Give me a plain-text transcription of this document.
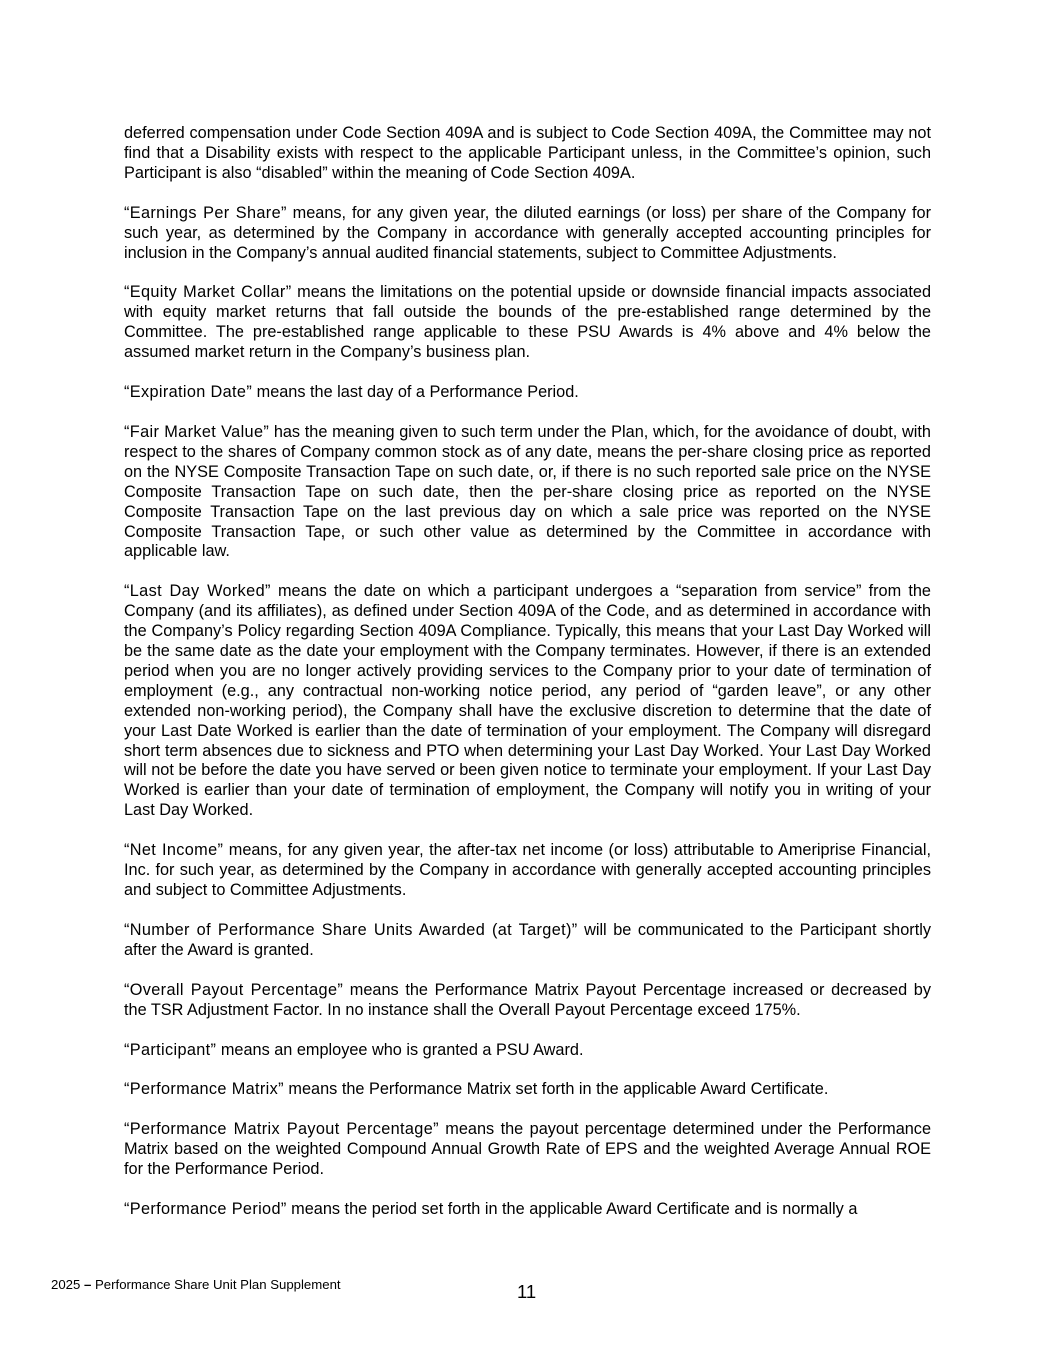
deferred compensation under Code Section 409A and is subject to Code Section 409A, the Committee may not find that a Disability exists with respect to the applicable Participant unless, in the Committee’s opinion, such Participant is also “disabled” within the meaning of Code Section 409A.

“Earnings Per Share” means, for any given year, the diluted earnings (or loss) per share of the Company for such year, as determined by the Company in accordance with generally accepted accounting principles for inclusion in the Company’s annual audited financial statements, subject to Committee Adjustments.

“Equity Market Collar” means the limitations on the potential upside or downside financial impacts associated with equity market returns that fall outside the bounds of the pre-established range determined by the Committee. The pre-established range applicable to these PSU Awards is 4% above and 4% below the assumed market return in the Company’s business plan.

“Expiration Date” means the last day of a Performance Period.

“Fair Market Value” has the meaning given to such term under the Plan, which, for the avoidance of doubt, with respect to the shares of Company common stock as of any date, means the per-share closing price as reported on the NYSE Composite Transaction Tape on such date, or, if there is no such reported sale price on the NYSE Composite Transaction Tape on such date, then the per-share closing price as reported on the NYSE Composite Transaction Tape on the last previous day on which a sale price was reported on the NYSE Composite Transaction Tape, or such other value as determined by the Committee in accordance with applicable law.

“Last Day Worked” means the date on which a participant undergoes a “separation from service” from the Company (and its affiliates), as defined under Section 409A of the Code, and as determined in accordance with the Company’s Policy regarding Section 409A Compliance. Typically, this means that your Last Day Worked will be the same date as the date your employment with the Company terminates. However, if there is an extended period when you are no longer actively providing services to the Company prior to your date of termination of employment (e.g., any contractual non-working notice period, any period of “garden leave”, or any other extended non-working period), the Company shall have the exclusive discretion to determine that the date of your Last Date Worked is earlier than the date of termination of your employment. The Company will disregard short term absences due to sickness and PTO when determining your Last Day Worked. Your Last Day Worked will not be before the date you have served or been given notice to terminate your employment. If your Last Day Worked is earlier than your date of termination of employment, the Company will notify you in writing of your Last Day Worked.

“Net Income” means, for any given year, the after-tax net income (or loss) attributable to Ameriprise Financial, Inc. for such year, as determined by the Company in accordance with generally accepted accounting principles and subject to Committee Adjustments.

“Number of Performance Share Units Awarded (at Target)” will be communicated to the Participant shortly after the Award is granted.

“Overall Payout Percentage” means the Performance Matrix Payout Percentage increased or decreased by the TSR Adjustment Factor. In no instance shall the Overall Payout Percentage exceed 175%.

“Participant” means an employee who is granted a PSU Award.

“Performance Matrix” means the Performance Matrix set forth in the applicable Award Certificate.

“Performance Matrix Payout Percentage” means the payout percentage determined under the Performance Matrix based on the weighted Compound Annual Growth Rate of EPS and the weighted Average Annual ROE for the Performance Period.

“Performance Period” means the period set forth in the applicable Award Certificate and is normally a

2025 – Performance Share Unit Plan Supplement	11
